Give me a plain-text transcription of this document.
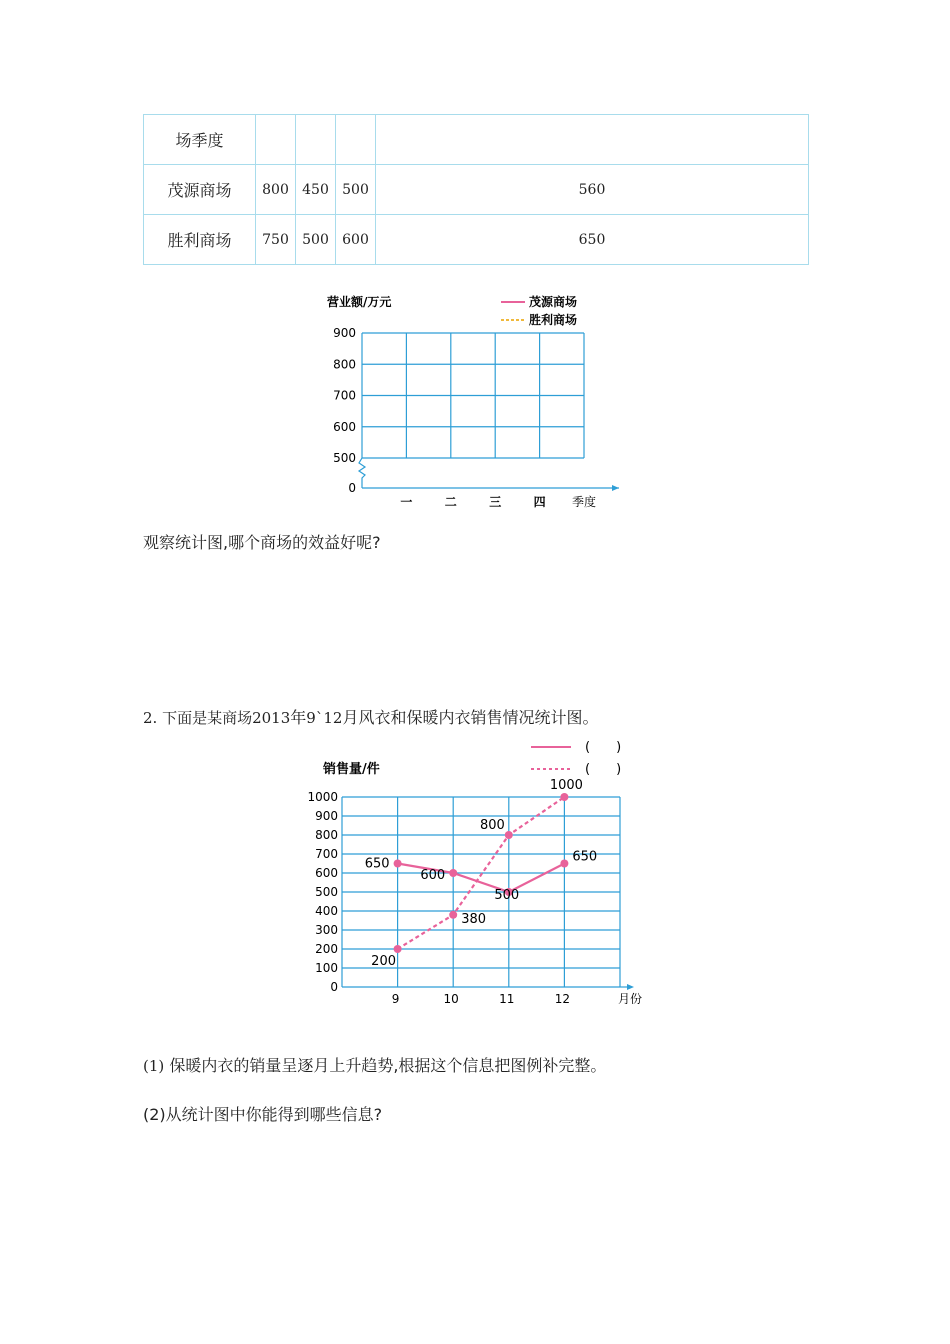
场季度				
茂源商场	800	450	500	560
胜利商场	750	500	600	650
营业额/万元	茂源商场
胜利商场
900
800
700
600
500
0
一	二	三	四 季度
观察统计图,哪个商场的效益好呢?
2. 下面是某商场2013年9`12月风衣和保暖内衣销售情况统计图。
销售量/件
(　　)
(　　)
1000
900
800
700
600
500
400
300
200
100
0
9	10	11	12	月份
650
600
500
650
200
380
800
1000
(1) 保暖内衣的销量呈逐月上升趋势,根据这个信息把图例补完整。
(2)从统计图中你能得到哪些信息?
